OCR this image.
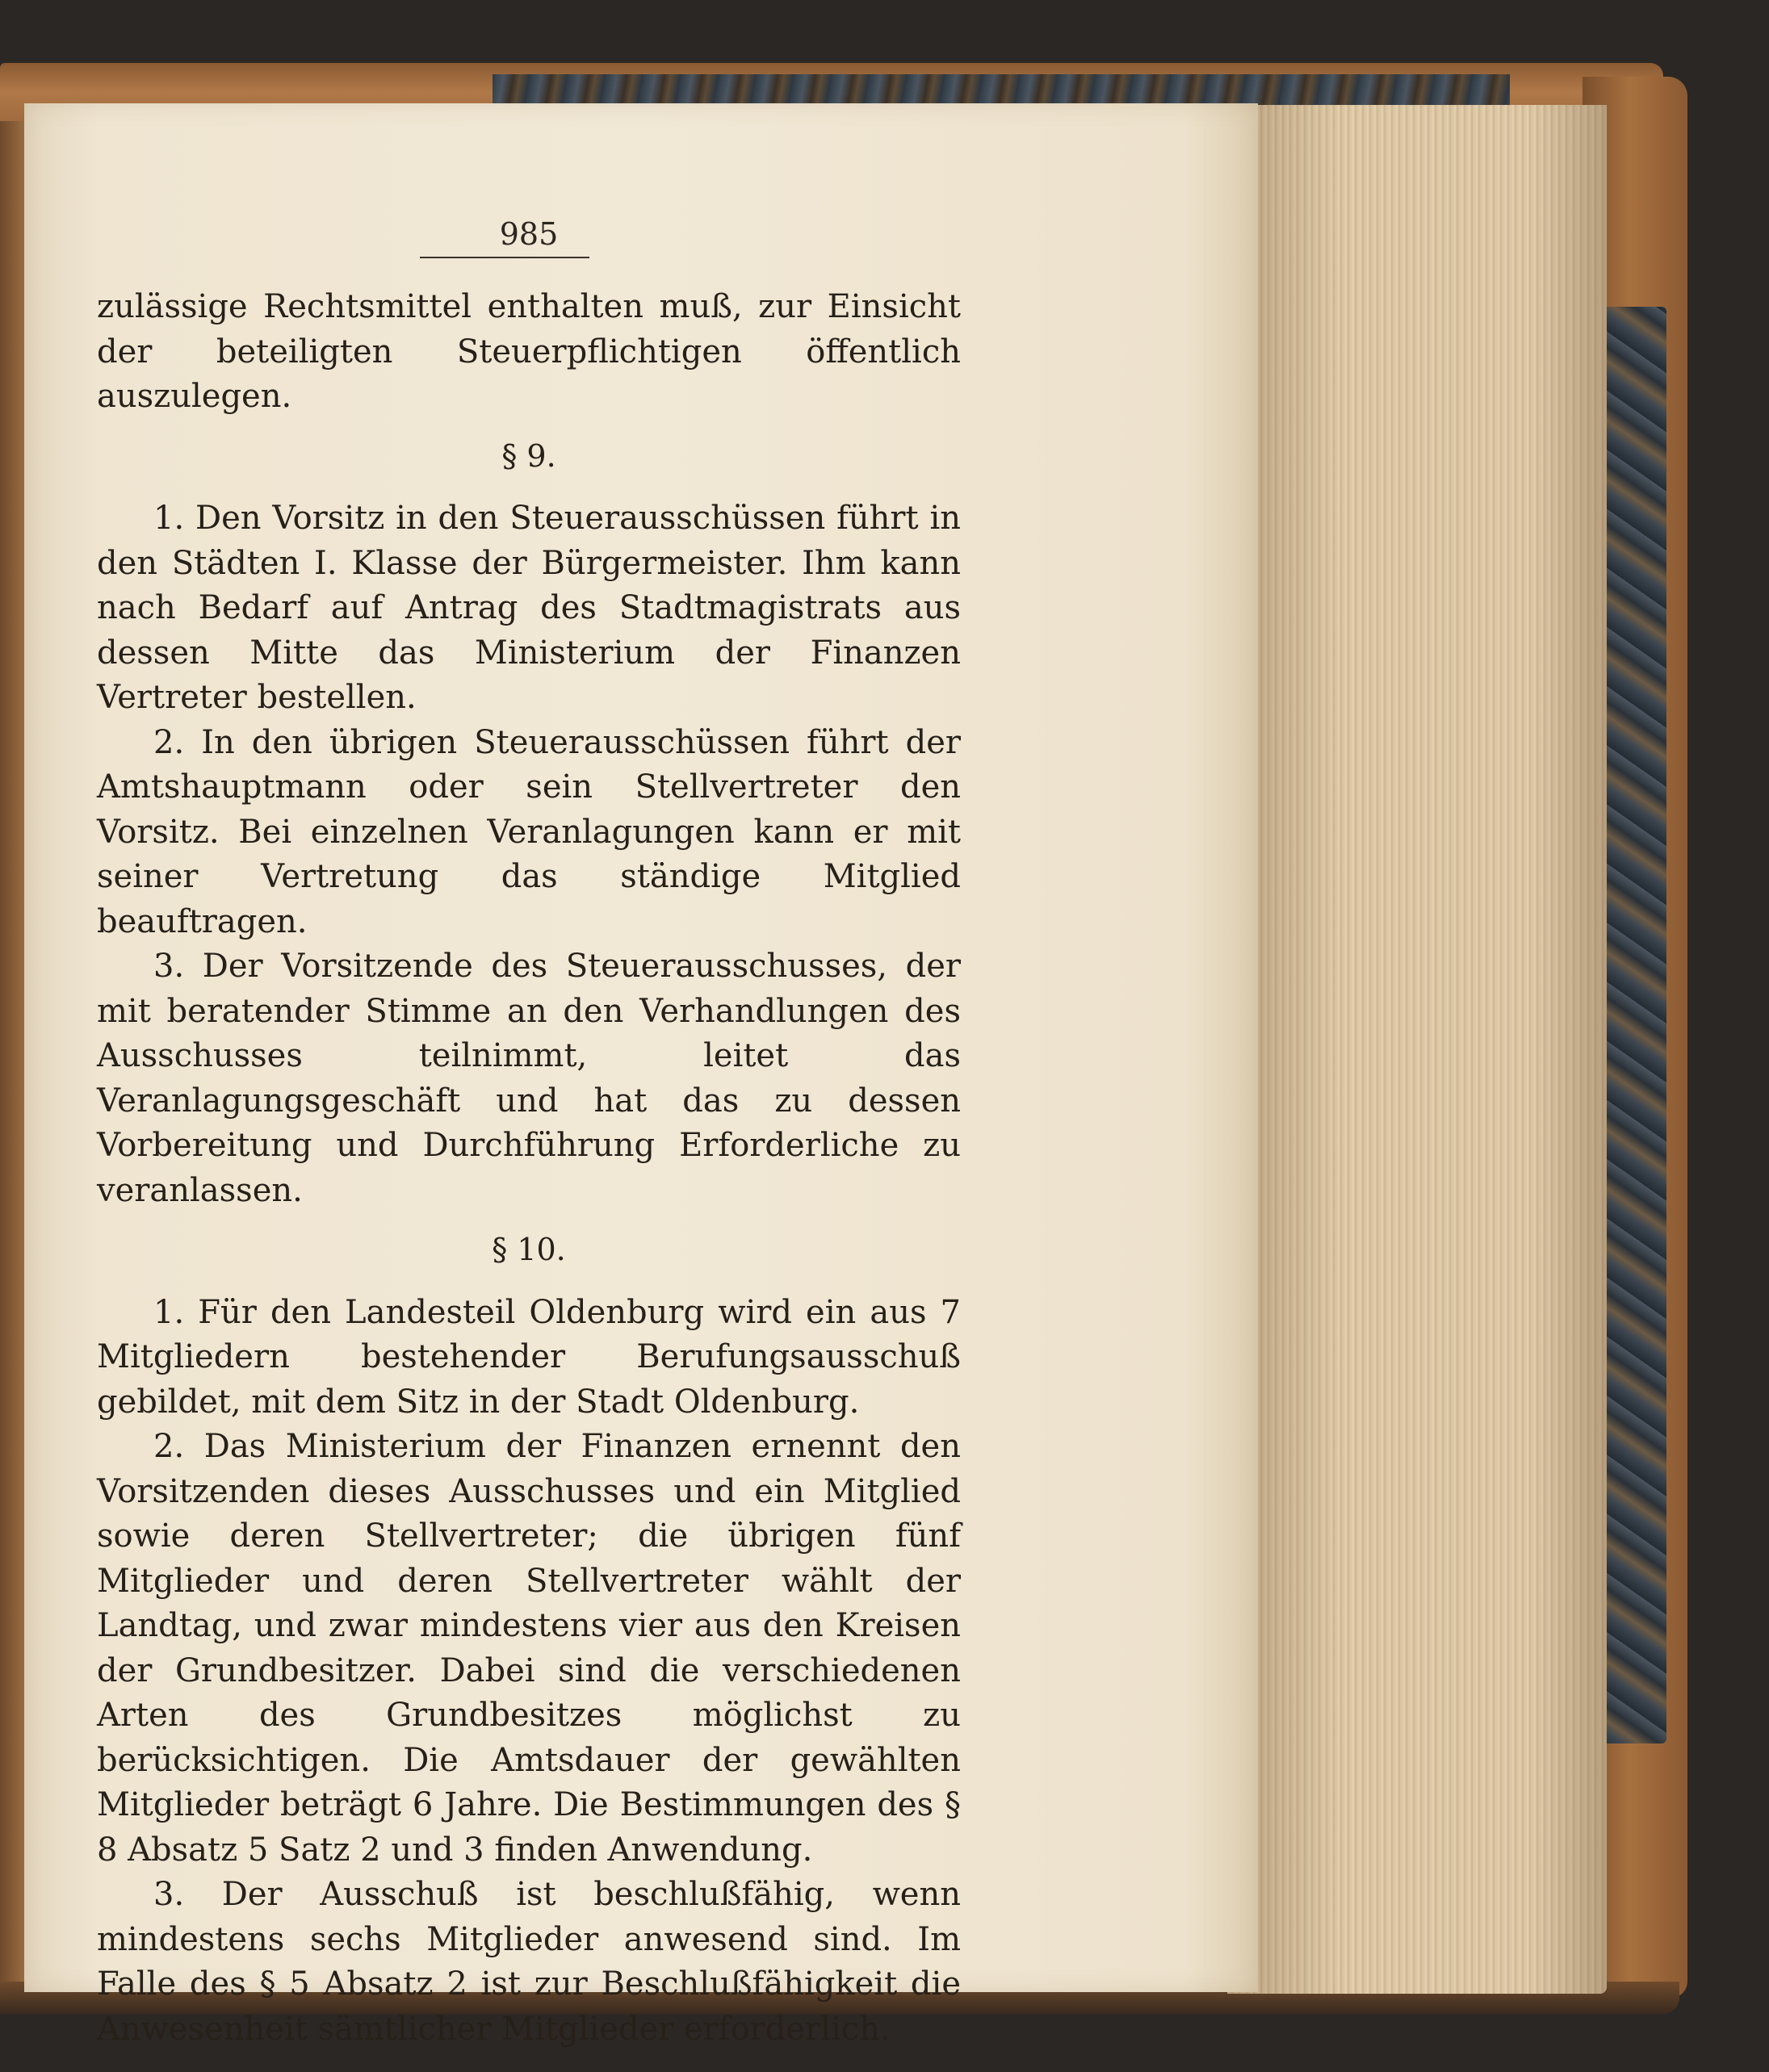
985

zulässige Rechtsmittel enthalten muß, zur Einsicht der beteiligten Steuerpflichtigen öffentlich auszulegen.

§ 9.

1. Den Vorsitz in den Steuerausschüssen führt in den Städten I. Klasse der Bürgermeister. Ihm kann nach Bedarf auf Antrag des Stadtmagistrats aus dessen Mitte das Ministerium der Finanzen Vertreter bestellen.

2. In den übrigen Steuerausschüssen führt der Amtshauptmann oder sein Stellvertreter den Vorsitz. Bei einzelnen Veranlagungen kann er mit seiner Vertretung das ständige Mitglied beauftragen.

3. Der Vorsitzende des Steuerausschusses, der mit beratender Stimme an den Verhandlungen des Ausschusses teilnimmt, leitet das Veranlagungsgeschäft und hat das zu dessen Vorbereitung und Durchführung Erforderliche zu veranlassen.

§ 10.

1. Für den Landesteil Oldenburg wird ein aus 7 Mitgliedern bestehender Berufungsausschuß gebildet, mit dem Sitz in der Stadt Oldenburg.

2. Das Ministerium der Finanzen ernennt den Vorsitzenden dieses Ausschusses und ein Mitglied sowie deren Stellvertreter; die übrigen fünf Mitglieder und deren Stellvertreter wählt der Landtag, und zwar mindestens vier aus den Kreisen der Grundbesitzer. Dabei sind die verschiedenen Arten des Grundbesitzes möglichst zu berücksichtigen. Die Amtsdauer der gewählten Mitglieder beträgt 6 Jahre. Die Bestimmungen des § 8 Absatz 5 Satz 2 und 3 finden Anwendung.

3. Der Ausschuß ist beschlußfähig, wenn mindestens sechs Mitglieder anwesend sind. Im Falle des § 5 Absatz 2 ist zur Beschlußfähigkeit die Anwesenheit sämtlicher Mitglieder erforderlich.
